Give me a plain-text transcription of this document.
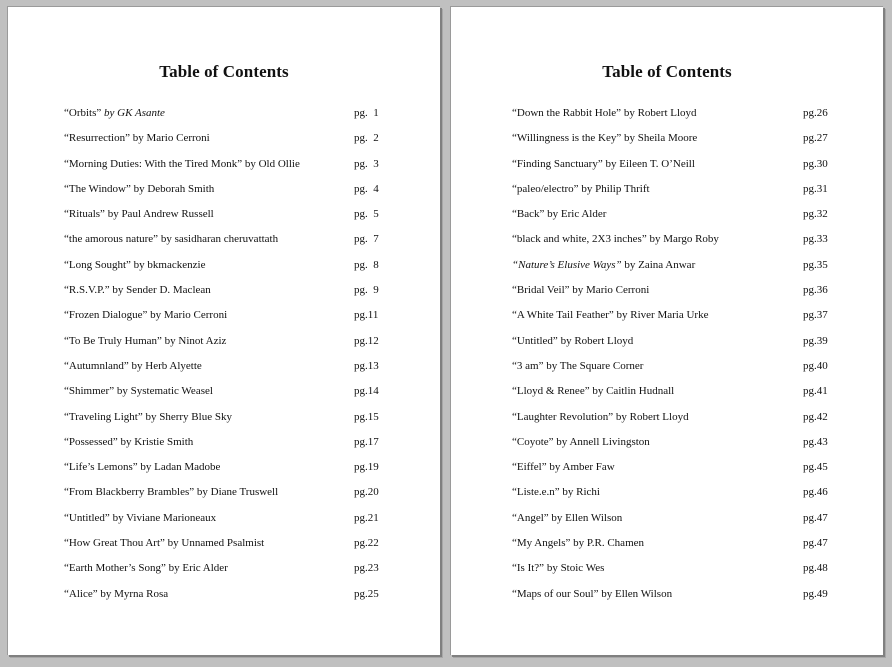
Table of Contents
“Orbits” by GK Asante	pg.  1
“Resurrection” by Mario Cerroni	pg.  2
“Morning Duties: With the Tired Monk” by Old Ollie	pg.  3
“The Window” by Deborah Smith	pg.  4
“Rituals” by Paul Andrew Russell	pg.  5
“the amorous nature” by sasidharan cheruvattath	pg.  7
“Long Sought” by bkmackenzie	pg.  8
“R.S.V.P.” by Sender D. Maclean	pg.  9
“Frozen Dialogue” by Mario Cerroni	pg.11
“To Be Truly Human” by Ninot Aziz	pg.12
“Autumnland” by Herb Alyette	pg.13
“Shimmer” by Systematic Weasel	pg.14
“Traveling Light” by Sherry Blue Sky	pg.15
“Possessed” by Kristie Smith	pg.17
“Life’s Lemons” by Ladan Madobe	pg.19
“From Blackberry Brambles” by Diane Truswell	pg.20
“Untitled” by Viviane Marioneaux	pg.21
“How Great Thou Art” by Unnamed Psalmist	pg.22
“Earth Mother’s Song” by Eric Alder	pg.23
“Alice” by Myrna Rosa	pg.25
Table of Contents
“Down the Rabbit Hole” by Robert Lloyd	pg.26
“Willingness is the Key” by Sheila Moore	pg.27
“Finding Sanctuary” by Eileen T. O’Neill	pg.30
“paleo/electro” by Philip Thrift	pg.31
“Back” by Eric Alder	pg.32
“black and white, 2X3 inches” by Margo Roby	pg.33
“Nature’s Elusive Ways” by Zaina Anwar	pg.35
“Bridal Veil” by Mario Cerroni	pg.36
“A White Tail Feather” by River Maria Urke	pg.37
“Untitled” by Robert Lloyd	pg.39
“3 am” by The Square Corner	pg.40
“Lloyd & Renee” by Caitlin Hudnall	pg.41
“Laughter Revolution” by Robert Lloyd	pg.42
“Coyote” by Annell Livingston	pg.43
“Eiffel” by Amber Faw	pg.45
“Liste.e.n” by Richi	pg.46
“Angel” by Ellen Wilson	pg.47
“My Angels” by P.R. Chamen	pg.47
“Is It?” by Stoic Wes	pg.48
“Maps of our Soul” by Ellen Wilson	pg.49
